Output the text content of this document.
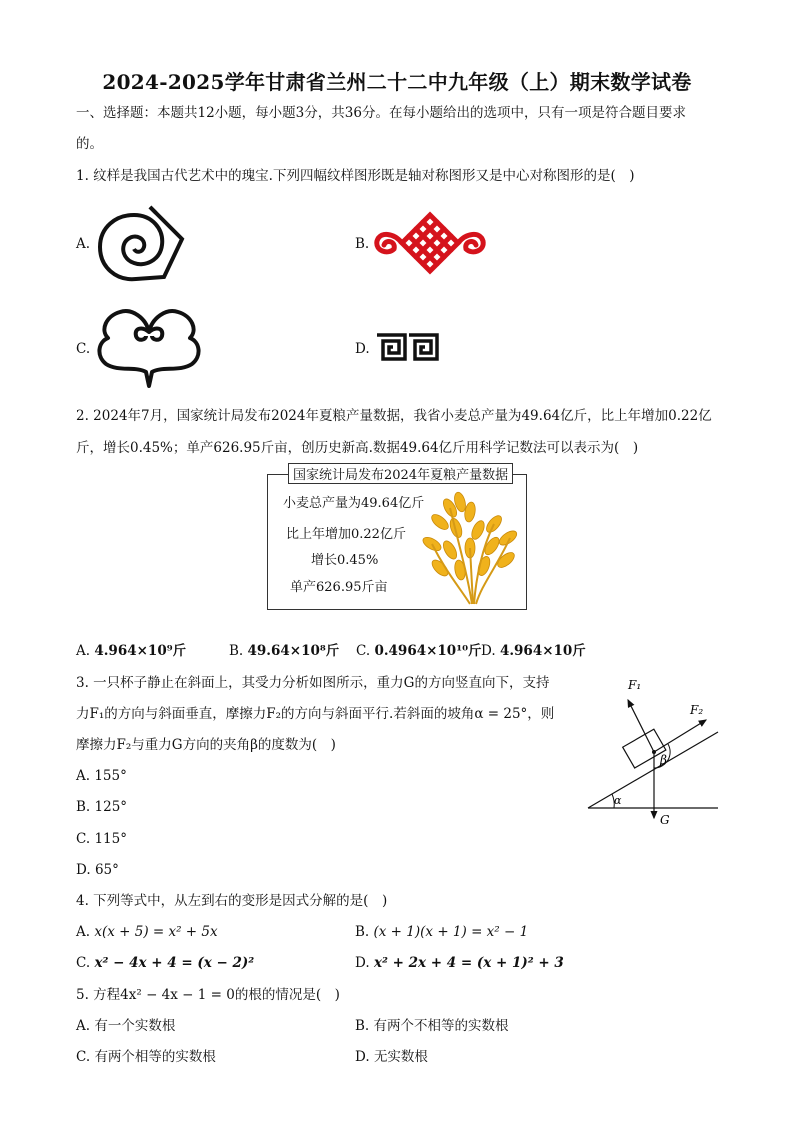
2024-2025学年甘肃省兰州二十二中九年级（上）期末数学试卷
一、选择题：本题共12小题，每小题3分，共36分。在每小题给出的选项中，只有一项是符合题目要求
的。
1. 纹样是我国古代艺术中的瑰宝.下列四幅纹样图形既是轴对称图形又是中心对称图形的是(　)
A.	B.
C.	D.
2. 2024年7月，国家统计局发布2024年夏粮产量数据，我省小麦总产量为49.64亿斤，比上年增加0.22亿
斤，增长0.45%；单产626.95斤亩，创历史新高.数据49.64亿斤用科学记数法可以表示为(　)
国家统计局发布2024年夏粮产量数据
小麦总产量为49.64亿斤
比上年增加0.22亿斤
增长0.45%
单产626.95斤亩
A. 4.964×10⁹斤	B. 49.64×10⁸斤 C. 0.4964×10¹⁰斤 D. 4.964×10斤
3. 一只杯子静止在斜面上，其受力分析如图所示，重力G的方向竖直向下，支持
力F₁的方向与斜面垂直，摩擦力F₂的方向与斜面平行.若斜面的坡角α = 25°，则
摩擦力F₂与重力G方向的夹角β的度数为(　)
A. 155°
B. 125°
C. 115°
D. 65°
F₁
F₂
β
α
G
4. 下列等式中，从左到右的变形是因式分解的是(　)
A. x(x + 5) = x² + 5x	B. (x + 1)(x + 1) = x² − 1
C. x² − 4x + 4 = (x − 2)²	D. x² + 2x + 4 = (x + 1)² + 3
5. 方程4x² − 4x − 1 = 0的根的情况是(　)
A. 有一个实数根	B. 有两个不相等的实数根
C. 有两个相等的实数根	D. 无实数根
